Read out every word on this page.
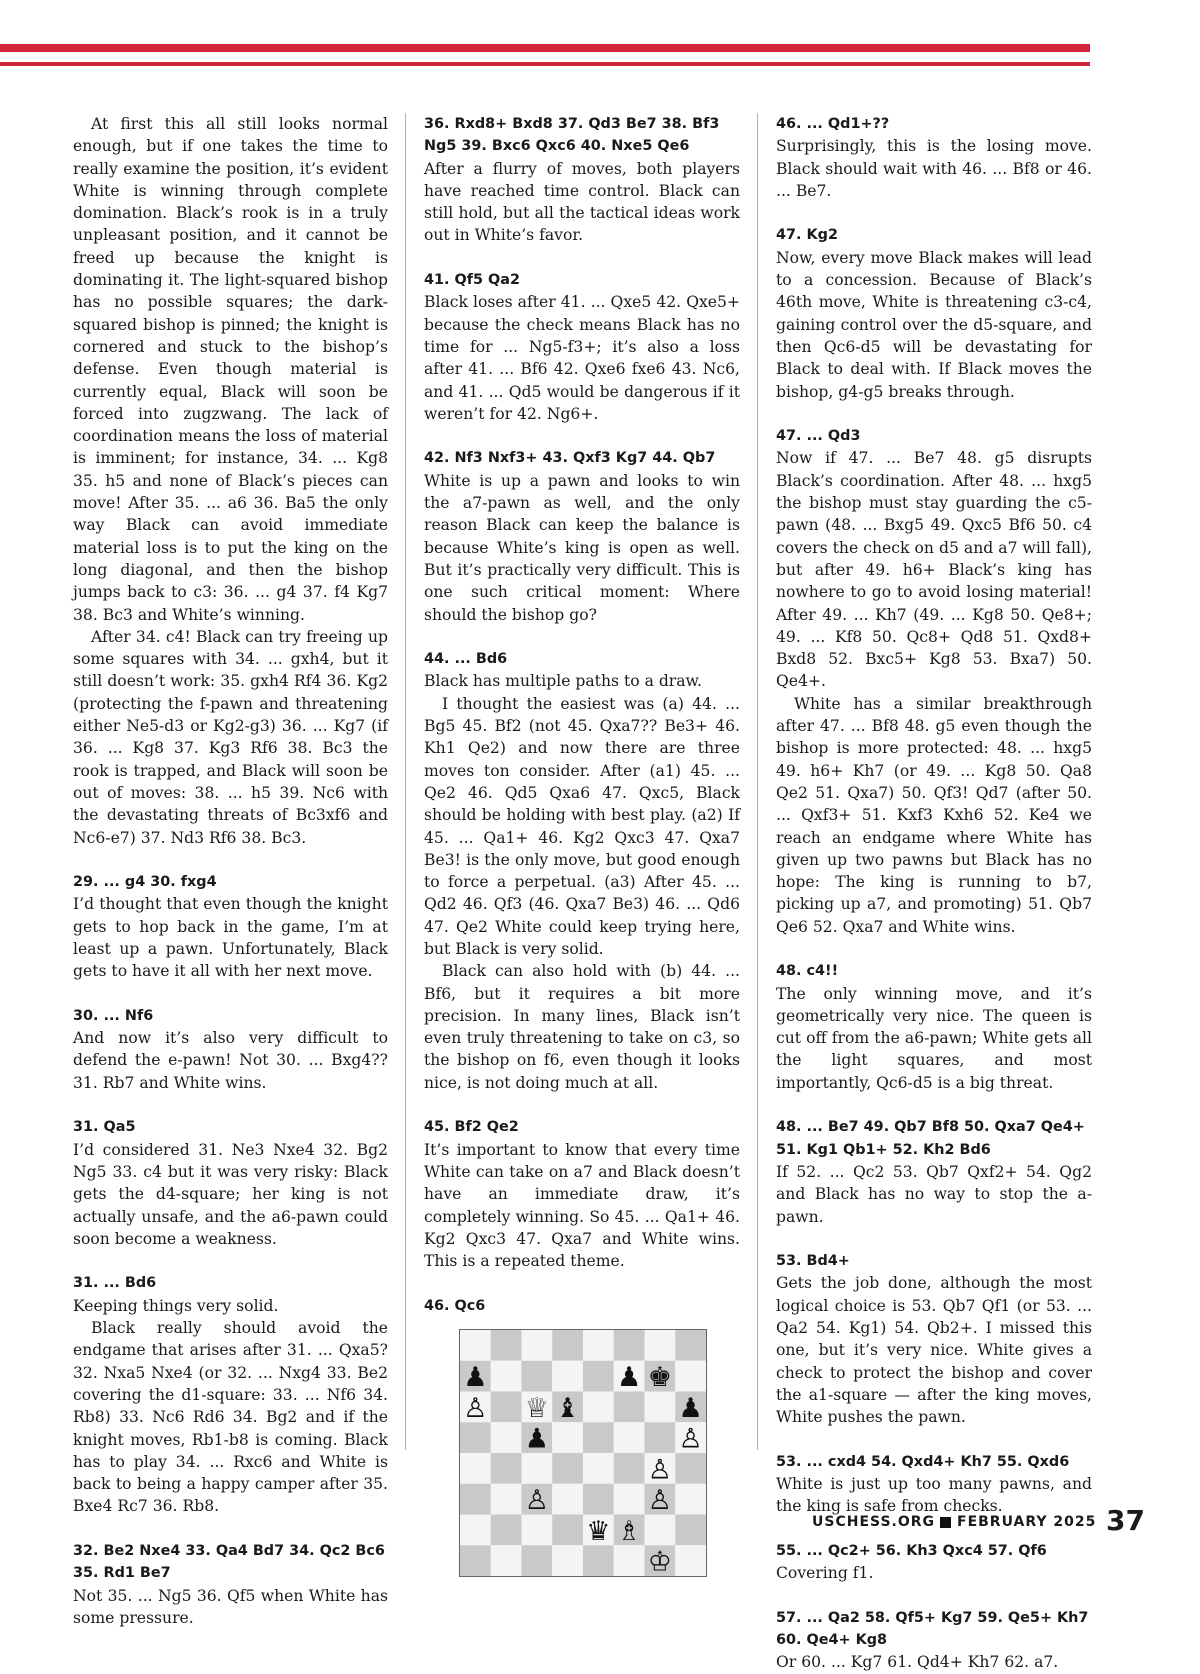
At first this all still looks normal enough, but if one takes the time to really examine the position, it’s evident White is winning through complete domination. Black’s rook is in a truly unpleasant position, and it cannot be freed up because the knight is dominating it. The light-squared bishop has no possible squares; the dark-squared bishop is pinned; the knight is cornered and stuck to the bishop’s defense. Even though material is currently equal, Black will soon be forced into zugzwang. The lack of coordination means the loss of material is imminent; for instance, 34. ... Kg8 35. h5 and none of Black’s pieces can move! After 35. ... a6 36. Ba5 the only way Black can avoid immediate material loss is to put the king on the long diagonal, and then the bishop jumps back to c3: 36. ... g4 37. f4 Kg7 38. Bc3 and White’s winning.

After 34. c4! Black can try freeing up some squares with 34. ... gxh4, but it still doesn’t work: 35. gxh4 Rf4 36. Kg2 (protecting the f-pawn and threatening either Ne5-d3 or Kg2-g3) 36. ... Kg7 (if 36. ... Kg8 37. Kg3 Rf6 38. Bc3 the rook is trapped, and Black will soon be out of moves: 38. ... h5 39. Nc6 with the devastating threats of Bc3xf6 and Nc6-e7) 37. Nd3 Rf6 38. Bc3.

29. ... g4 30. fxg4

I’d thought that even though the knight gets to hop back in the game, I’m at least up a pawn. Unfortunately, Black gets to have it all with her next move.

30. ... Nf6

And now it’s also very difficult to defend the e-pawn! Not 30. ... Bxg4?? 31. Rb7 and White wins.

31. Qa5

I’d considered 31. Ne3 Nxe4 32. Bg2 Ng5 33. c4 but it was very risky: Black gets the d4-square; her king is not actually unsafe, and the a6-pawn could soon become a weakness.

31. ... Bd6

Keeping things very solid.

Black really should avoid the endgame that arises after 31. ... Qxa5? 32. Nxa5 Nxe4 (or 32. ... Nxg4 33. Be2 covering the d1-square: 33. ... Nf6 34. Rb8) 33. Nc6 Rd6 34. Bg2 and if the knight moves, Rb1-b8 is coming. Black has to play 34. ... Rxc6 and White is back to being a happy camper after 35. Bxe4 Rc7 36. Rb8.

32. Be2 Nxe4 33. Qa4 Bd7 34. Qc2 Bc6 35. Rd1 Be7

Not 35. ... Ng5 36. Qf5 when White has some pressure.

36. Rxd8+ Bxd8 37. Qd3 Be7 38. Bf3 Ng5 39. Bxc6 Qxc6 40. Nxe5 Qe6

After a flurry of moves, both players have reached time control. Black can still hold, but all the tactical ideas work out in White’s favor.

41. Qf5 Qa2

Black loses after 41. ... Qxe5 42. Qxe5+ because the check means Black has no time for ... Ng5-f3+; it’s also a loss after 41. ... Bf6 42. Qxe6 fxe6 43. Nc6, and 41. ... Qd5 would be dangerous if it weren’t for 42. Ng6+.

42. Nf3 Nxf3+ 43. Qxf3 Kg7 44. Qb7

White is up a pawn and looks to win the a7-pawn as well, and the only reason Black can keep the balance is because White’s king is open as well. But it’s practically very difficult. This is one such critical moment: Where should the bishop go?

44. ... Bd6

Black has multiple paths to a draw.

I thought the easiest was (a) 44. ... Bg5 45. Bf2 (not 45. Qxa7?? Be3+ 46. Kh1 Qe2) and now there are three moves ton consider. After (a1) 45. ... Qe2 46. Qd5 Qxa6 47. Qxc5, Black should be holding with best play. (a2) If 45. ... Qa1+ 46. Kg2 Qxc3 47. Qxa7 Be3! is the only move, but good enough to force a perpetual. (a3) After 45. ... Qd2 46. Qf3 (46. Qxa7 Be3) 46. ... Qd6 47. Qe2 White could keep trying here, but Black is very solid.

Black can also hold with (b) 44. ... Bf6, but it requires a bit more precision. In many lines, Black isn’t even truly threatening to take on c3, so the bishop on f6, even though it looks nice, is not doing much at all.

45. Bf2 Qe2

It’s important to know that every time White can take on a7 and Black doesn’t have an immediate draw, it’s completely winning. So 45. ... Qa1+ 46. Kg2 Qxc3 47. Qxa7 and White wins. This is a repeated theme.

46. Qc6
♟	♟ ♚
♙ ♕ ♝	♟
♟	♙
♙
♙	♙
♛ ♗
♔
46. ... Qd1+??

Surprisingly, this is the losing move. Black should wait with 46. ... Bf8 or 46. ... Be7.

47. Kg2

Now, every move Black makes will lead to a concession. Because of Black’s 46th move, White is threatening c3-c4, gaining control over the d5-square, and then Qc6-d5 will be devastating for Black to deal with. If Black moves the bishop, g4-g5 breaks through.

47. ... Qd3

Now if 47. ... Be7 48. g5 disrupts Black’s coordination. After 48. ... hxg5 the bishop must stay guarding the c5-pawn (48. ... Bxg5 49. Qxc5 Bf6 50. c4 covers the check on d5 and a7 will fall), but after 49. h6+ Black’s king has nowhere to go to avoid losing material! After 49. ... Kh7 (49. ... Kg8 50. Qe8+; 49. ... Kf8 50. Qc8+ Qd8 51. Qxd8+ Bxd8 52. Bxc5+ Kg8 53. Bxa7) 50. Qe4+.

White has a similar breakthrough after 47. ... Bf8 48. g5 even though the bishop is more protected: 48. ... hxg5 49. h6+ Kh7 (or 49. ... Kg8 50. Qa8 Qe2 51. Qxa7) 50. Qf3! Qd7 (after 50. ... Qxf3+ 51. Kxf3 Kxh6 52. Ke4 we reach an endgame where White has given up two pawns but Black has no hope: The king is running to b7, picking up a7, and promoting) 51. Qb7 Qe6 52. Qxa7 and White wins.

48. c4!!

The only winning move, and it’s geometrically very nice. The queen is cut off from the a6-pawn; White gets all the light squares, and most importantly, Qc6-d5 is a big threat.

48. ... Be7 49. Qb7 Bf8 50. Qxa7 Qe4+ 51. Kg1 Qb1+ 52. Kh2 Bd6

If 52. ... Qc2 53. Qb7 Qxf2+ 54. Qg2 and Black has no way to stop the a-pawn.

53. Bd4+

Gets the job done, although the most logical choice is 53. Qb7 Qf1 (or 53. ... Qa2 54. Kg1) 54. Qb2+. I missed this one, but it’s very nice. White gives a check to protect the bishop and cover the a1-square — after the king moves, White pushes the pawn.

53. ... cxd4 54. Qxd4+ Kh7 55. Qxd6

White is just up too many pawns, and the king is safe from checks.

55. ... Qc2+ 56. Kh3 Qxc4 57. Qf6

Covering f1.

57. ... Qa2 58. Qf5+ Kg7 59. Qe5+ Kh7 60. Qe4+ Kg8

Or 60. ... Kg7 61. Qd4+ Kh7 62. a7.

USCHESS.ORG FEBRUARY 2025 37
